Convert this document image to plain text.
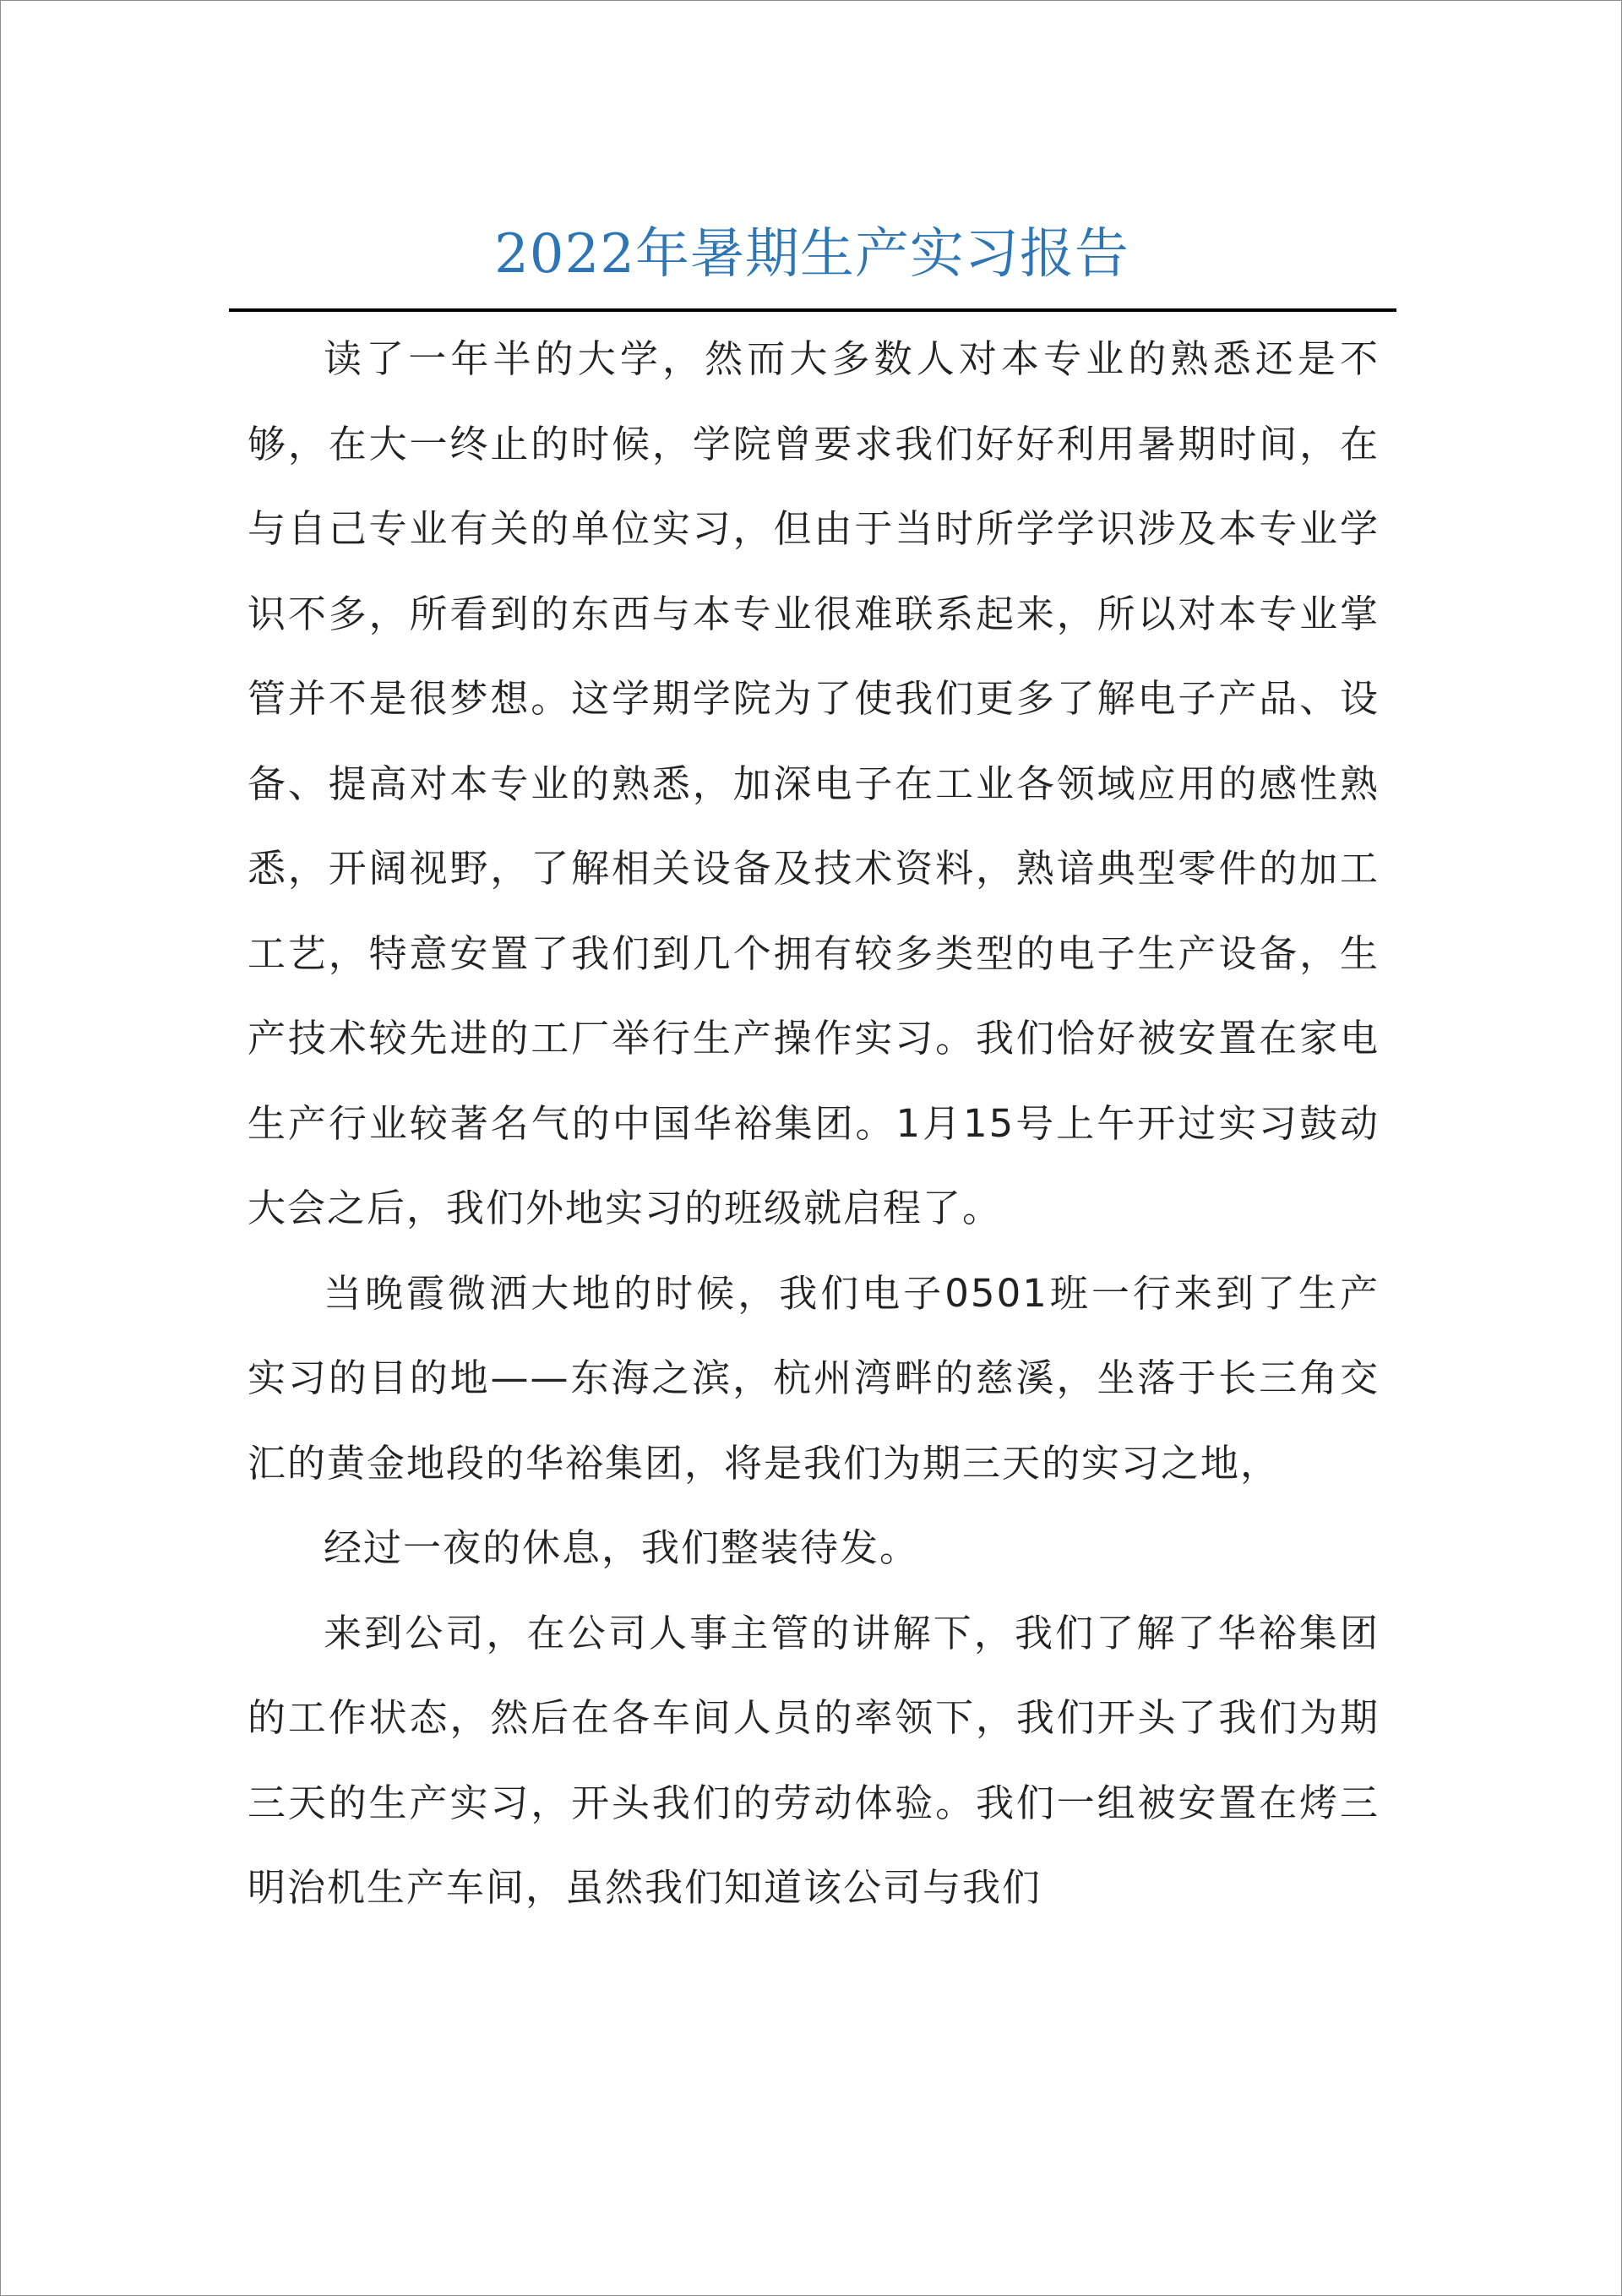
2022年暑期生产实习报告

读了一年半的大学，然而大多数人对本专业的熟悉还是不够，在大一终止的时候，学院曾要求我们好好利用暑期时间，在与自己专业有关的单位实习，但由于当时所学学识涉及本专业学识不多，所看到的东西与本专业很难联系起来，所以对本专业掌管并不是很梦想。这学期学院为了使我们更多了解电子产品、设备、提高对本专业的熟悉，加深电子在工业各领域应用的感性熟悉，开阔视野，了解相关设备及技术资料，熟谙典型零件的加工工艺，特意安置了我们到几个拥有较多类型的电子生产设备，生产技术较先进的工厂举行生产操作实习。我们恰好被安置在家电生产行业较著名气的中国华裕集团。1月15号上午开过实习鼓动大会之后，我们外地实习的班级就启程了。

当晚霞微洒大地的时候，我们电子0501班一行来到了生产实习的目的地——东海之滨，杭州湾畔的慈溪，坐落于长三角交汇的黄金地段的华裕集团，将是我们为期三天的实习之地，

经过一夜的休息，我们整装待发。

来到公司，在公司人事主管的讲解下，我们了解了华裕集团的工作状态，然后在各车间人员的率领下，我们开头了我们为期三天的生产实习，开头我们的劳动体验。我们一组被安置在烤三明治机生产车间，虽然我们知道该公司与我们
